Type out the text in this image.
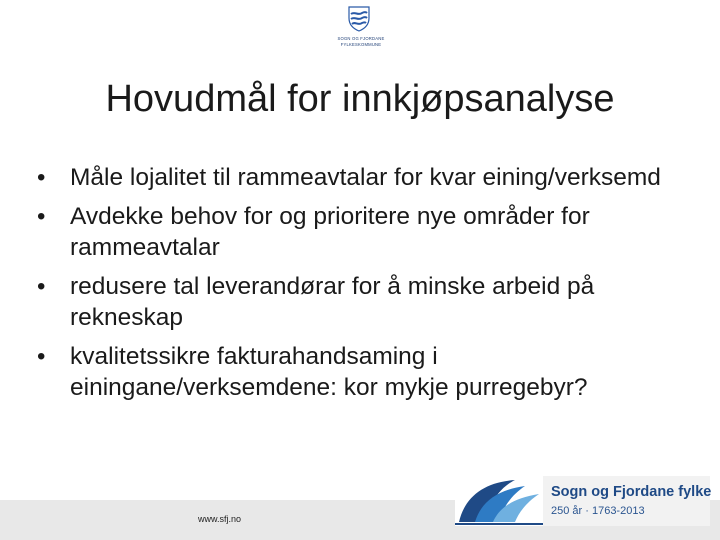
SOGN OG FJORDANE
FYLKESKOMMUNE
Hovudmål for innkjøpsanalyse
• Måle lojalitet til rammeavtalar for kvar eining/verksemd
• Avdekke behov for og prioritere nye områder for rammeavtalar
• redusere tal leverandørar for å minske arbeid på rekneskap
• kvalitetssikre fakturahandsaming i einingane/verksemdene: kor mykje purregebyr?
www.sfj.no
Sogn og Fjordane fylke
250 år · 1763-2013
